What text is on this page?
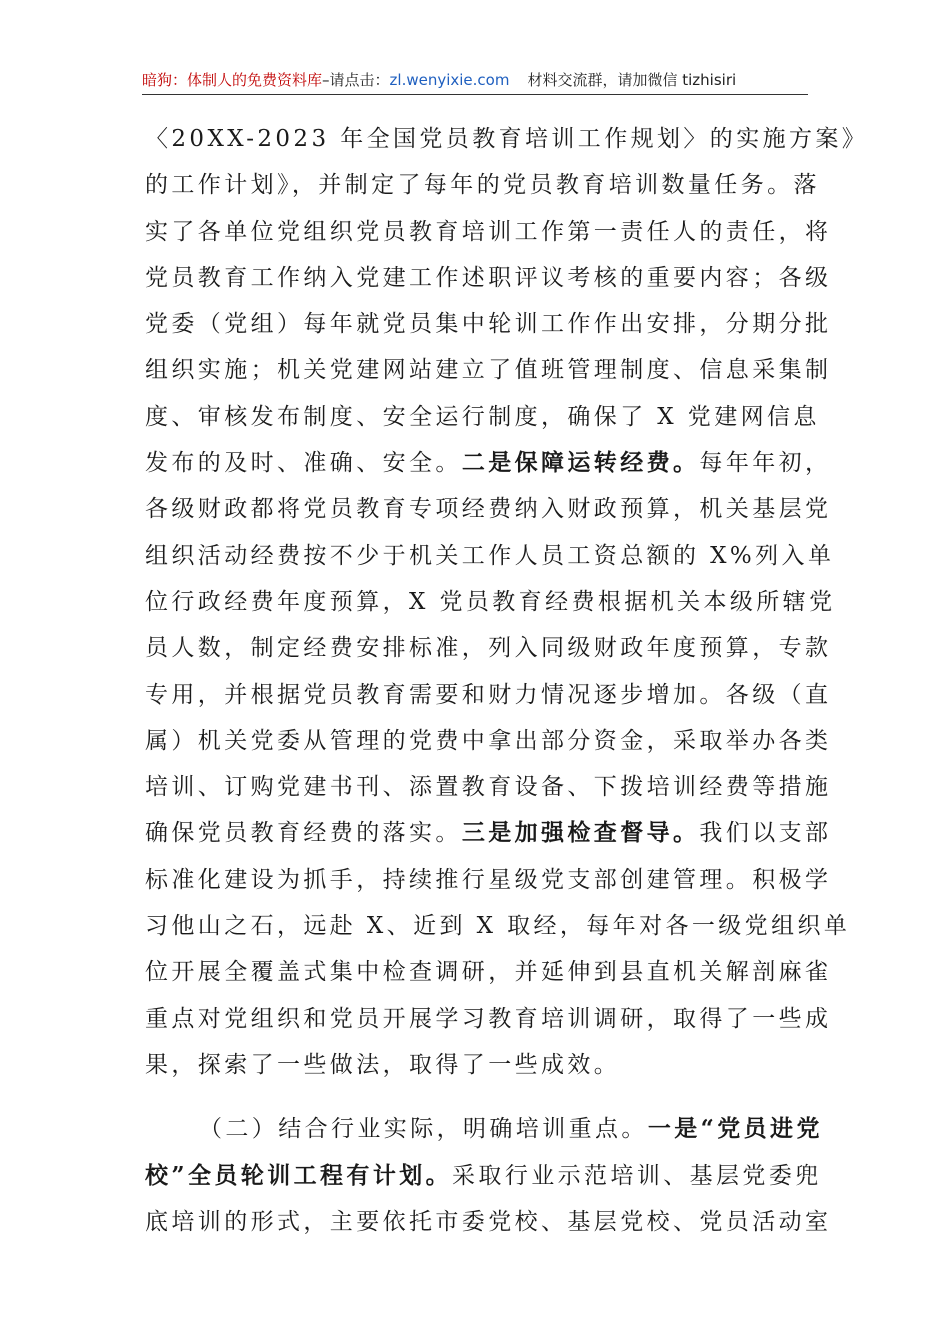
暗狗：体制人的免费资料库–请点击：zl.wenyixie.com 材料交流群，请加微信 tizhisiri
〈20XX-2023 年全国党员教育培训工作规划〉的实施方案》
的工作计划》，并制定了每年的党员教育培训数量任务。落
实了各单位党组织党员教育培训工作第一责任人的责任，将
党员教育工作纳入党建工作述职评议考核的重要内容；各级
党委（党组）每年就党员集中轮训工作作出安排，分期分批
组织实施；机关党建网站建立了值班管理制度、信息采集制
度、审核发布制度、安全运行制度，确保了 X 党建网信息
发布的及时、准确、安全。二是保障运转经费。每年年初，
各级财政都将党员教育专项经费纳入财政预算，机关基层党
组织活动经费按不少于机关工作人员工资总额的 X%列入单
位行政经费年度预算，X 党员教育经费根据机关本级所辖党
员人数，制定经费安排标准，列入同级财政年度预算，专款
专用，并根据党员教育需要和财力情况逐步增加。各级（直
属）机关党委从管理的党费中拿出部分资金，采取举办各类
培训、订购党建书刊、添置教育设备、下拨培训经费等措施
确保党员教育经费的落实。三是加强检查督导。我们以支部
标准化建设为抓手，持续推行星级党支部创建管理。积极学
习他山之石，远赴 X、近到 X 取经，每年对各一级党组织单
位开展全覆盖式集中检查调研，并延伸到县直机关解剖麻雀
重点对党组织和党员开展学习教育培训调研，取得了一些成
果，探索了一些做法，取得了一些成效。
（二）结合行业实际，明确培训重点。一是“党员进党
校”全员轮训工程有计划。采取行业示范培训、基层党委兜
底培训的形式，主要依托市委党校、基层党校、党员活动室
